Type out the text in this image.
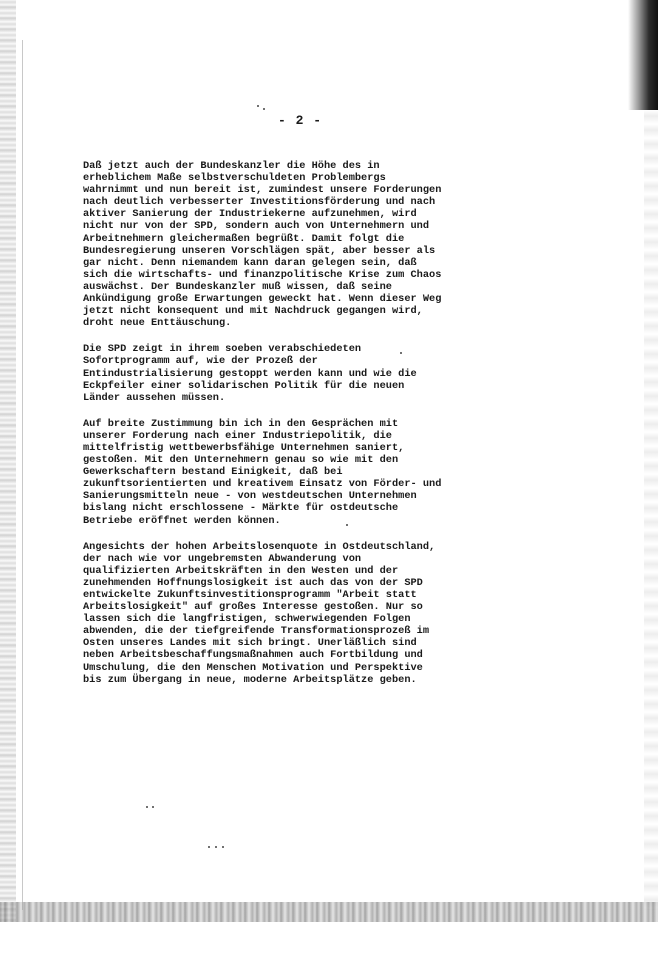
- 2 -

Daß jetzt auch der Bundeskanzler die Höhe des in
erheblichem Maße selbstverschuldeten Problembergs
wahrnimmt und nun bereit ist, zumindest unsere Forderungen
nach deutlich verbesserter Investitionsförderung und nach
aktiver Sanierung der Industriekerne aufzunehmen, wird
nicht nur von der SPD, sondern auch von Unternehmern und
Arbeitnehmern gleichermaßen begrüßt. Damit folgt die
Bundesregierung unseren Vorschlägen spät, aber besser als
gar nicht. Denn niemandem kann daran gelegen sein, daß
sich die wirtschafts- und finanzpolitische Krise zum Chaos
auswächst. Der Bundeskanzler muß wissen, daß seine
Ankündigung große Erwartungen geweckt hat. Wenn dieser Weg
jetzt nicht konsequent und mit Nachdruck gegangen wird,
droht neue Enttäuschung.

Die SPD zeigt in ihrem soeben verabschiedeten
Sofortprogramm auf, wie der Prozeß der
Entindustrialisierung gestoppt werden kann und wie die
Eckpfeiler einer solidarischen Politik für die neuen
Länder aussehen müssen.

Auf breite Zustimmung bin ich in den Gesprächen mit
unserer Forderung nach einer Industriepolitik, die
mittelfristig wettbewerbsfähige Unternehmen saniert,
gestoßen. Mit den Unternehmern genau so wie mit den
Gewerkschaftern bestand Einigkeit, daß bei
zukunftsorientierten und kreativem Einsatz von Förder- und
Sanierungsmitteln neue - von westdeutschen Unternehmen
bislang nicht erschlossene - Märkte für ostdeutsche
Betriebe eröffnet werden können.

Angesichts der hohen Arbeitslosenquote in Ostdeutschland,
der nach wie vor ungebremsten Abwanderung von
qualifizierten Arbeitskräften in den Westen und der
zunehmenden Hoffnungslosigkeit ist auch das von der SPD
entwickelte Zukunftsinvestitionsprogramm "Arbeit statt
Arbeitslosigkeit" auf großes Interesse gestoßen. Nur so
lassen sich die langfristigen, schwerwiegenden Folgen
abwenden, die der tiefgreifende Transformationsprozeß im
Osten unseres Landes mit sich bringt. Unerläßlich sind
neben Arbeitsbeschaffungsmaßnahmen auch Fortbildung und
Umschulung, die den Menschen Motivation und Perspektive
bis zum Übergang in neue, moderne Arbeitsplätze geben.
